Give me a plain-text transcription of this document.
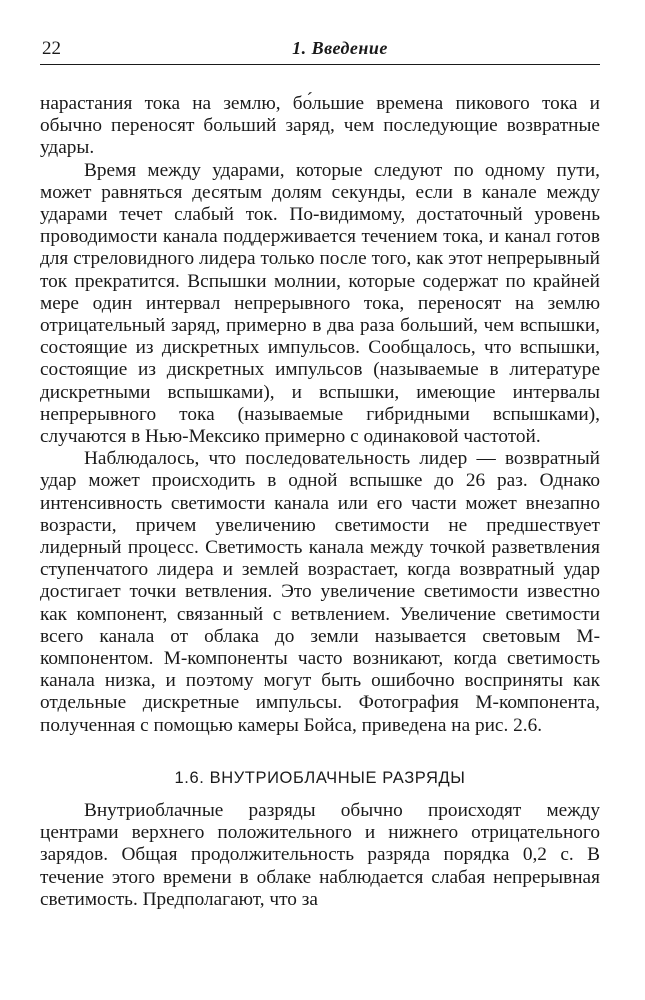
22	1. Введение

нарастания тока на землю, бо́льшие времена пикового тока и обычно переносят больший заряд, чем последующие возвратные удары.

Время между ударами, которые следуют по одному пути, может равняться десятым долям секунды, если в канале между ударами течет слабый ток. По-видимому, достаточный уровень проводимости канала поддерживается течением тока, и канал готов для стреловидного лидера только после того, как этот непрерывный ток прекратится. Вспышки молнии, которые содержат по крайней мере один интервал непрерывного тока, переносят на землю отрицательный заряд, примерно в два раза больший, чем вспышки, состоящие из дискретных импульсов. Сообщалось, что вспышки, состоящие из дискретных импульсов (называемые в литературе дискретными вспышками), и вспышки, имеющие интервалы непрерывного тока (называемые гибридными вспышками), случаются в Нью-Мексико примерно с одинаковой частотой.

Наблюдалось, что последовательность лидер — возвратный удар может происходить в одной вспышке до 26 раз. Однако интенсивность светимости канала или его части может внезапно возрасти, причем увеличению светимости не предшествует лидерный процесс. Светимость канала между точкой разветвления ступенчатого лидера и землей возрастает, когда возвратный удар достигает точки ветвления. Это увеличение светимости известно как компонент, связанный с ветвлением. Увеличение светимости всего канала от облака до земли называется световым М-компонентом. М-компоненты часто возникают, когда светимость канала низка, и поэтому могут быть ошибочно восприняты как отдельные дискретные импульсы. Фотография М-компонента, полученная с помощью камеры Бойса, приведена на рис. 2.6.

1.6. ВНУТРИОБЛАЧНЫЕ РАЗРЯДЫ

Внутриоблачные разряды обычно происходят между центрами верхнего положительного и нижнего отрицательного зарядов. Общая продолжительность разряда порядка 0,2 с. В течение этого времени в облаке наблюдается слабая непрерывная светимость. Предполагают, что за
